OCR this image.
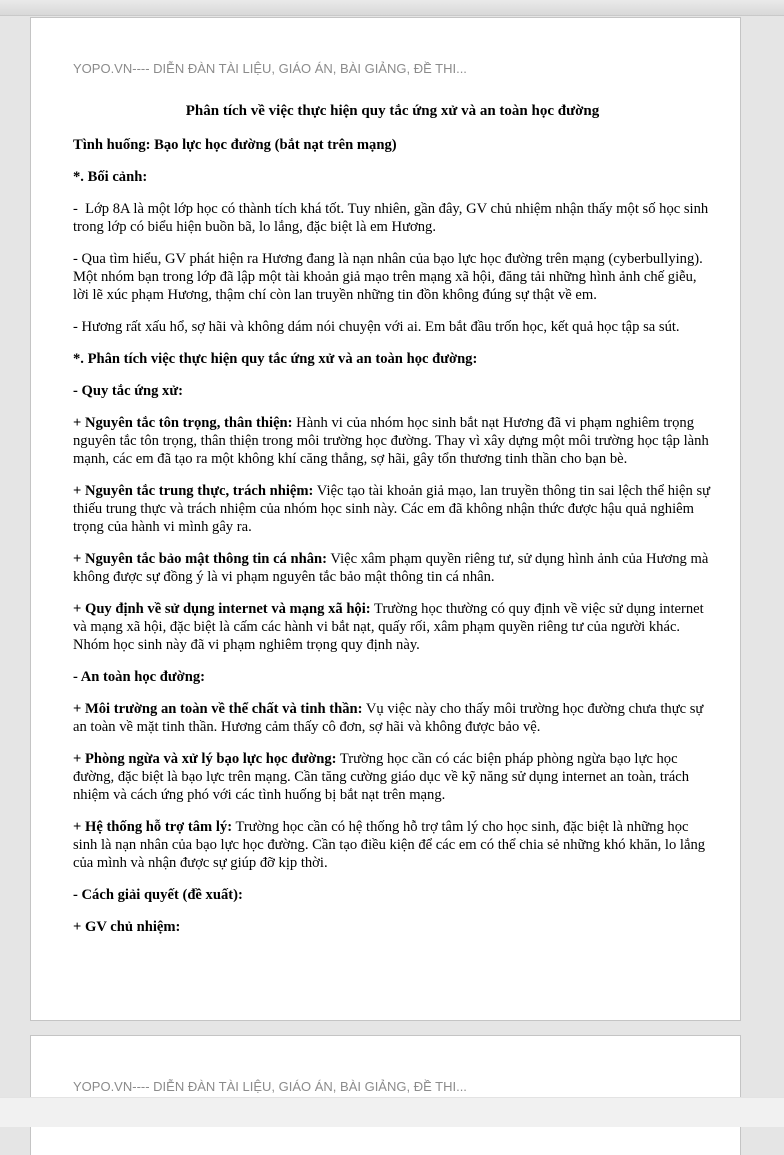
YOPO.VN---- DIỄN ĐÀN TÀI LIỆU, GIÁO ÁN, BÀI GIẢNG, ĐỀ THI...

Phân tích về việc thực hiện quy tắc ứng xử và an toàn học đường

Tình huống: Bạo lực học đường (bắt nạt trên mạng)

*. Bối cảnh:

-  Lớp 8A là một lớp học có thành tích khá tốt. Tuy nhiên, gần đây, GV chủ nhiệm nhận thấy một số học sinh trong lớp có biểu hiện buồn bã, lo lắng, đặc biệt là em Hương.

- Qua tìm hiểu, GV phát hiện ra Hương đang là nạn nhân của bạo lực học đường trên mạng (cyberbullying). Một nhóm bạn trong lớp đã lập một tài khoản giả mạo trên mạng xã hội, đăng tải những hình ảnh chế giễu, lời lẽ xúc phạm Hương, thậm chí còn lan truyền những tin đồn không đúng sự thật về em.

- Hương rất xấu hổ, sợ hãi và không dám nói chuyện với ai. Em bắt đầu trốn học, kết quả học tập sa sút.

*. Phân tích việc thực hiện quy tắc ứng xử và an toàn học đường:

- Quy tắc ứng xử:

+ Nguyên tắc tôn trọng, thân thiện: Hành vi của nhóm học sinh bắt nạt Hương đã vi phạm nghiêm trọng nguyên tắc tôn trọng, thân thiện trong môi trường học đường. Thay vì xây dựng một môi trường học tập lành mạnh, các em đã tạo ra một không khí căng thẳng, sợ hãi, gây tổn thương tinh thần cho bạn bè.

+ Nguyên tắc trung thực, trách nhiệm: Việc tạo tài khoản giả mạo, lan truyền thông tin sai lệch thể hiện sự thiếu trung thực và trách nhiệm của nhóm học sinh này. Các em đã không nhận thức được hậu quả nghiêm trọng của hành vi mình gây ra.

+ Nguyên tắc bảo mật thông tin cá nhân: Việc xâm phạm quyền riêng tư, sử dụng hình ảnh của Hương mà không được sự đồng ý là vi phạm nguyên tắc bảo mật thông tin cá nhân.

+ Quy định về sử dụng internet và mạng xã hội: Trường học thường có quy định về việc sử dụng internet và mạng xã hội, đặc biệt là cấm các hành vi bắt nạt, quấy rối, xâm phạm quyền riêng tư của người khác. Nhóm học sinh này đã vi phạm nghiêm trọng quy định này.

- An toàn học đường:

+ Môi trường an toàn về thể chất và tinh thần: Vụ việc này cho thấy môi trường học đường chưa thực sự an toàn về mặt tinh thần. Hương cảm thấy cô đơn, sợ hãi và không được bảo vệ.

+ Phòng ngừa và xử lý bạo lực học đường: Trường học cần có các biện pháp phòng ngừa bạo lực học đường, đặc biệt là bạo lực trên mạng. Cần tăng cường giáo dục về kỹ năng sử dụng internet an toàn, trách nhiệm và cách ứng phó với các tình huống bị bắt nạt trên mạng.

+ Hệ thống hỗ trợ tâm lý: Trường học cần có hệ thống hỗ trợ tâm lý cho học sinh, đặc biệt là những học sinh là nạn nhân của bạo lực học đường. Cần tạo điều kiện để các em có thể chia sẻ những khó khăn, lo lắng của mình và nhận được sự giúp đỡ kịp thời.

- Cách giải quyết (đề xuất):

+ GV chủ nhiệm:

YOPO.VN---- DIỄN ĐÀN TÀI LIỆU, GIÁO ÁN, BÀI GIẢNG, ĐỀ THI...
